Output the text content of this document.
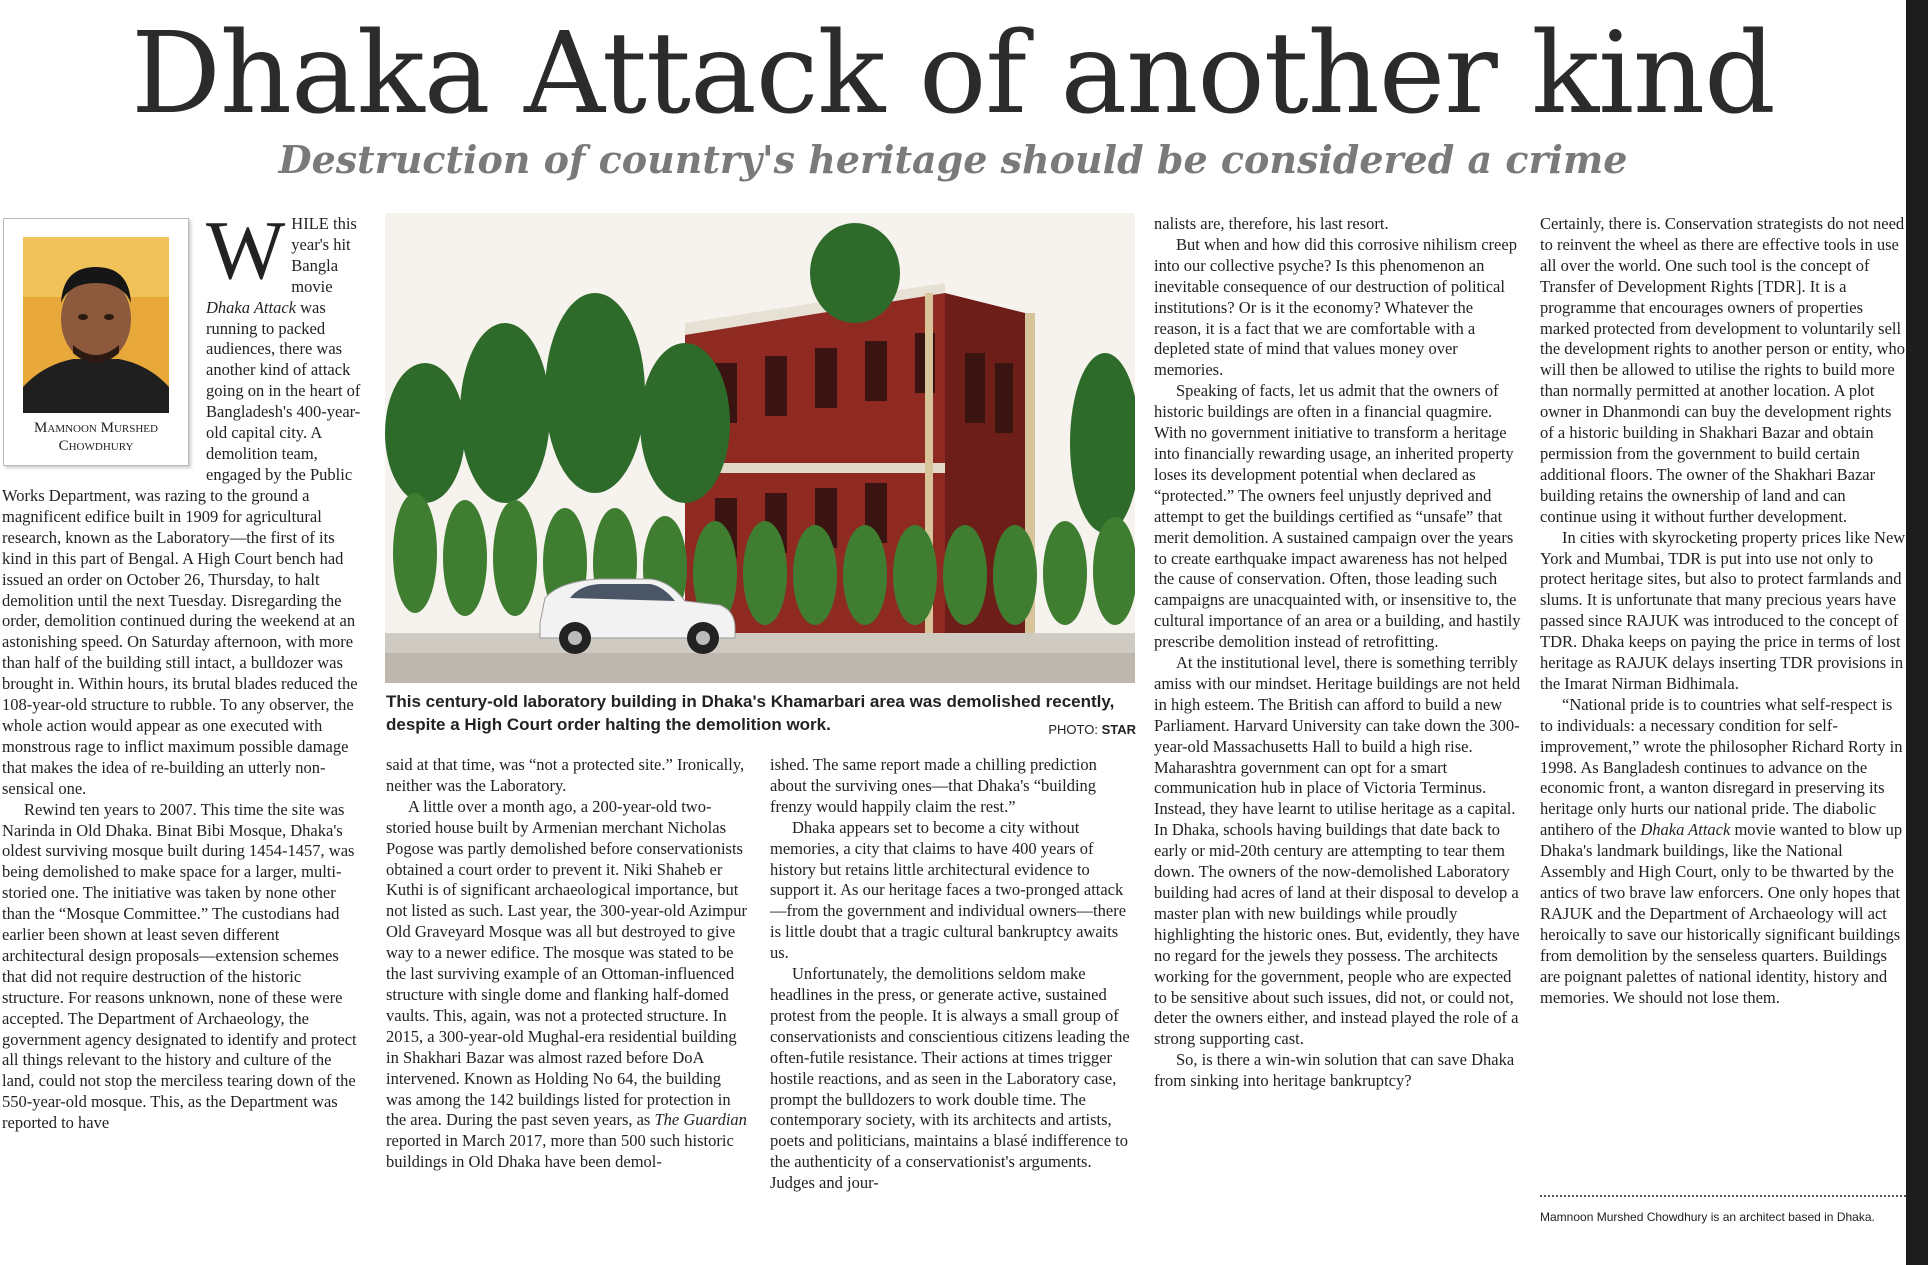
Dhaka Attack of another kind
Destruction of country's heritage should be considered a crime
Mamnoon Murshed Chowdhury

WHILE this year's hit Bangla movie Dhaka Attack was running to packed audiences, there was another kind of attack going on in the heart of Bangladesh's 400-year-old capital city. A demolition team, engaged by the Public

Works Department, was razing to the ground a magnificent edifice built in 1909 for agricultural research, known as the Laboratory—the first of its kind in this part of Bengal. A High Court bench had issued an order on October 26, Thursday, to halt demolition until the next Tuesday. Disregarding the order, demolition continued during the weekend at an astonishing speed. On Saturday afternoon, with more than half of the building still intact, a bulldozer was brought in. Within hours, its brutal blades reduced the 108-year-old structure to rubble. To any observer, the whole action would appear as one executed with monstrous rage to inflict maximum possible damage that makes the idea of re-building an utterly non-sensical one.

Rewind ten years to 2007. This time the site was Narinda in Old Dhaka. Binat Bibi Mosque, Dhaka's oldest surviving mosque built during 1454-1457, was being demolished to make space for a larger, multi-storied one. The initiative was taken by none other than the “Mosque Committee.” The custodians had earlier been shown at least seven different architectural design proposals—extension schemes that did not require destruction of the historic structure. For reasons unknown, none of these were accepted. The Department of Archaeology, the government agency designated to identify and protect all things relevant to the history and culture of the land, could not stop the merciless tearing down of the 550-year-old mosque. This, as the Department was reported to have

This century-old laboratory building in Dhaka's Khamarbari area was demolished recently, despite a High Court order halting the demolition work.	PHOTO: STAR

said at that time, was “not a protected site.” Ironically, neither was the Laboratory.

A little over a month ago, a 200-year-old two-storied house built by Armenian merchant Nicholas Pogose was partly demolished before conservationists obtained a court order to prevent it. Niki Shaheb er Kuthi is of significant archaeological importance, but not listed as such. Last year, the 300-year-old Azimpur Old Graveyard Mosque was all but destroyed to give way to a newer edifice. The mosque was stated to be the last surviving example of an Ottoman-influenced structure with single dome and flanking half-domed vaults. This, again, was not a protected structure. In 2015, a 300-year-old Mughal-era residential building in Shakhari Bazar was almost razed before DoA intervened. Known as Holding No 64, the building was among the 142 buildings listed for protection in the area. During the past seven years, as The Guardian reported in March 2017, more than 500 such historic buildings in Old Dhaka have been demol-

ished. The same report made a chilling prediction about the surviving ones—that Dhaka's “building frenzy would happily claim the rest.”

Dhaka appears set to become a city without memories, a city that claims to have 400 years of history but retains little architectural evidence to support it. As our heritage faces a two-pronged attack—from the government and individual owners—there is little doubt that a tragic cultural bankruptcy awaits us.

Unfortunately, the demolitions seldom make headlines in the press, or generate active, sustained protest from the people. It is always a small group of conservationists and conscientious citizens leading the often-futile resistance. Their actions at times trigger hostile reactions, and as seen in the Laboratory case, prompt the bulldozers to work double time. The contemporary society, with its architects and artists, poets and politicians, maintains a blasé indifference to the authenticity of a conservationist's arguments. Judges and jour-

nalists are, therefore, his last resort.

But when and how did this corrosive nihilism creep into our collective psyche? Is this phenomenon an inevitable consequence of our destruction of political institutions? Or is it the economy? Whatever the reason, it is a fact that we are comfortable with a depleted state of mind that values money over memories.

Speaking of facts, let us admit that the owners of historic buildings are often in a financial quagmire. With no government initiative to transform a heritage into financially rewarding usage, an inherited property loses its development potential when declared as “protected.” The owners feel unjustly deprived and attempt to get the buildings certified as “unsafe” that merit demolition. A sustained campaign over the years to create earthquake impact awareness has not helped the cause of conservation. Often, those leading such campaigns are unacquainted with, or insensitive to, the cultural importance of an area or a building, and hastily prescribe demolition instead of retrofitting.

At the institutional level, there is something terribly amiss with our mindset. Heritage buildings are not held in high esteem. The British can afford to build a new Parliament. Harvard University can take down the 300-year-old Massachusetts Hall to build a high rise. Maharashtra government can opt for a smart communication hub in place of Victoria Terminus. Instead, they have learnt to utilise heritage as a capital. In Dhaka, schools having buildings that date back to early or mid-20th century are attempting to tear them down. The owners of the now-demolished Laboratory building had acres of land at their disposal to develop a master plan with new buildings while proudly highlighting the historic ones. But, evidently, they have no regard for the jewels they possess. The architects working for the government, people who are expected to be sensitive about such issues, did not, or could not, deter the owners either, and instead played the role of a strong supporting cast.

So, is there a win-win solution that can save Dhaka from sinking into heritage bankruptcy?

Certainly, there is. Conservation strategists do not need to reinvent the wheel as there are effective tools in use all over the world. One such tool is the concept of Transfer of Development Rights [TDR]. It is a programme that encourages owners of properties marked protected from development to voluntarily sell the development rights to another person or entity, who will then be allowed to utilise the rights to build more than normally permitted at another location. A plot owner in Dhanmondi can buy the development rights of a historic building in Shakhari Bazar and obtain permission from the government to build certain additional floors. The owner of the Shakhari Bazar building retains the ownership of land and can continue using it without further development.

In cities with skyrocketing property prices like New York and Mumbai, TDR is put into use not only to protect heritage sites, but also to protect farmlands and slums. It is unfortunate that many precious years have passed since RAJUK was introduced to the concept of TDR. Dhaka keeps on paying the price in terms of lost heritage as RAJUK delays inserting TDR provisions in the Imarat Nirman Bidhimala.

“National pride is to countries what self-respect is to individuals: a necessary condition for self-improvement,” wrote the philosopher Richard Rorty in 1998. As Bangladesh continues to advance on the economic front, a wanton disregard in preserving its heritage only hurts our national pride. The diabolic antihero of the Dhaka Attack movie wanted to blow up Dhaka's landmark buildings, like the National Assembly and High Court, only to be thwarted by the antics of two brave law enforcers. One only hopes that RAJUK and the Department of Archaeology will act heroically to save our historically significant buildings from demolition by the senseless quarters. Buildings are poignant palettes of national identity, history and memories. We should not lose them.

Mamnoon Murshed Chowdhury is an architect based in Dhaka.
